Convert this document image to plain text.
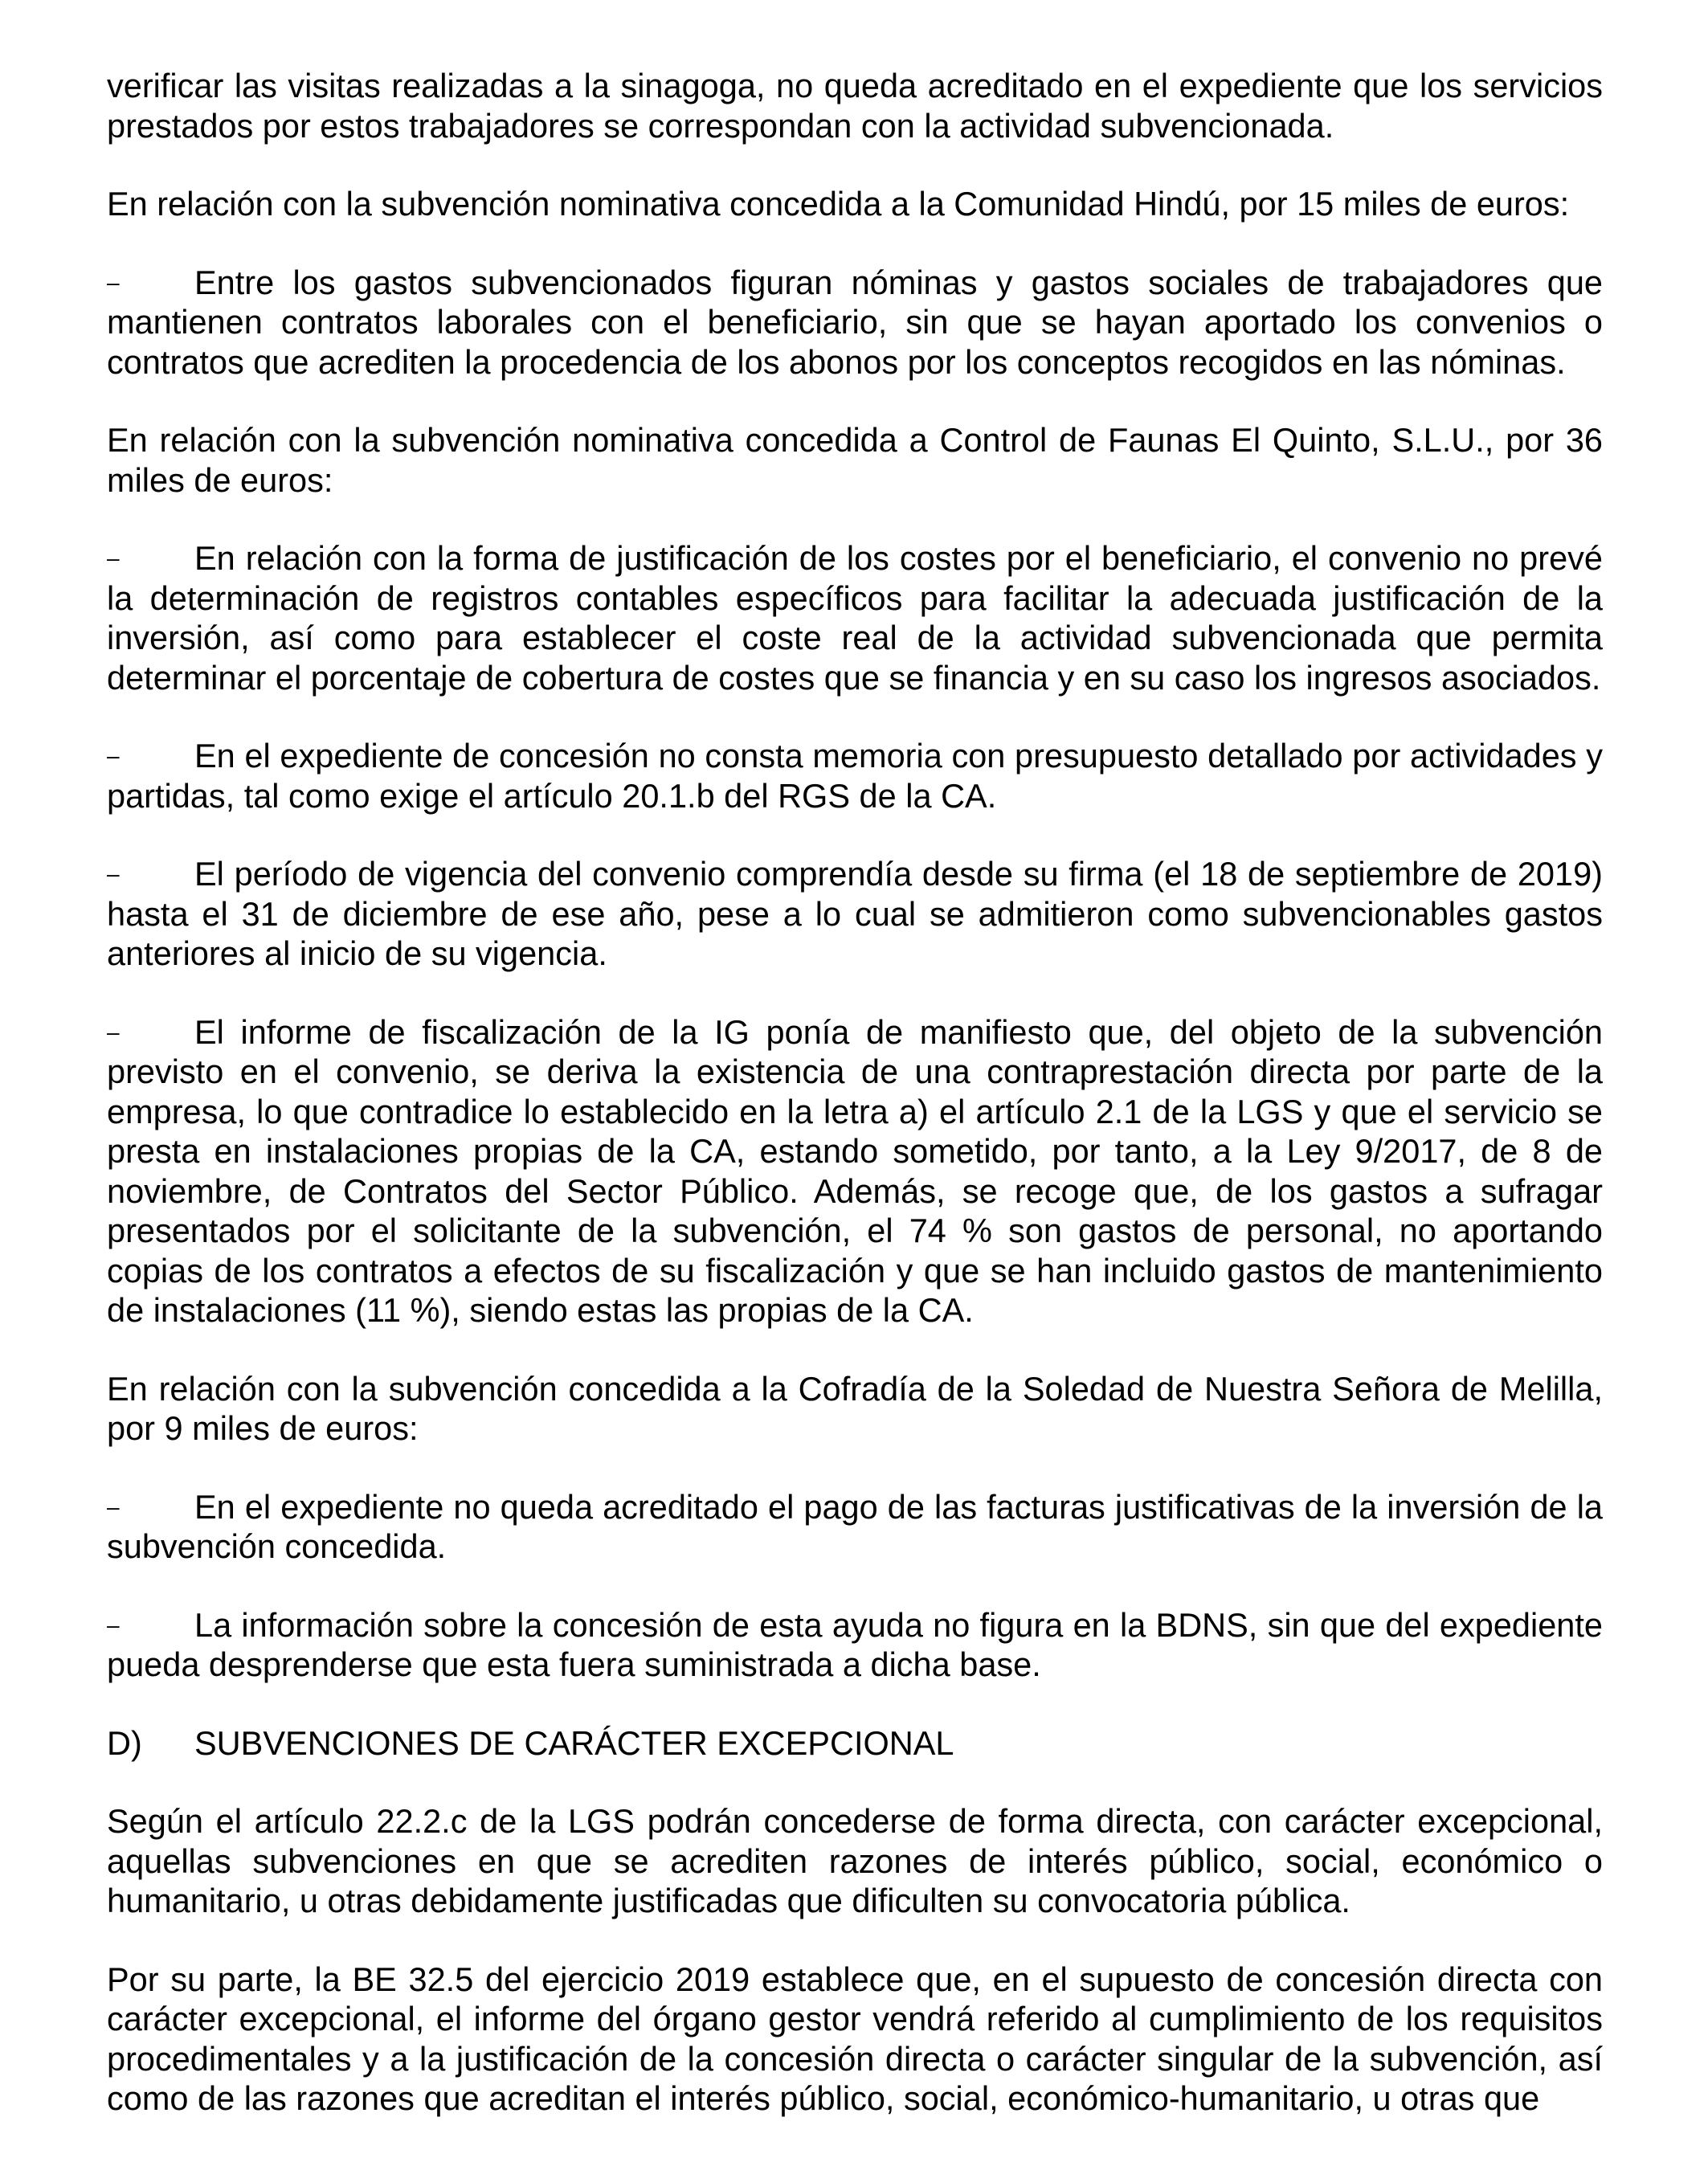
verificar las visitas realizadas a la sinagoga, no queda acreditado en el expediente que los servicios prestados por estos trabajadores se correspondan con la actividad subvencionada.

En relación con la subvención nominativa concedida a la Comunidad Hindú, por 15 miles de euros:

– Entre los gastos subvencionados figuran nóminas y gastos sociales de trabajadores que mantienen contratos laborales con el beneficiario, sin que se hayan aportado los convenios o contratos que acrediten la procedencia de los abonos por los conceptos recogidos en las nóminas.

En relación con la subvención nominativa concedida a Control de Faunas El Quinto, S.L.U., por 36 miles de euros:

– En relación con la forma de justificación de los costes por el beneficiario, el convenio no prevé la determinación de registros contables específicos para facilitar la adecuada justificación de la inversión, así como para establecer el coste real de la actividad subvencionada que permita determinar el porcentaje de cobertura de costes que se financia y en su caso los ingresos asociados.

– En el expediente de concesión no consta memoria con presupuesto detallado por actividades y partidas, tal como exige el artículo 20.1.b del RGS de la CA.

– El período de vigencia del convenio comprendía desde su firma (el 18 de septiembre de 2019) hasta el 31 de diciembre de ese año, pese a lo cual se admitieron como subvencionables gastos anteriores al inicio de su vigencia.

– El informe de fiscalización de la IG ponía de manifiesto que, del objeto de la subvención previsto en el convenio, se deriva la existencia de una contraprestación directa por parte de la empresa, lo que contradice lo establecido en la letra a) el artículo 2.1 de la LGS y que el servicio se presta en instalaciones propias de la CA, estando sometido, por tanto, a la Ley 9/2017, de 8 de noviembre, de Contratos del Sector Público. Además, se recoge que, de los gastos a sufragar presentados por el solicitante de la subvención, el 74 % son gastos de personal, no aportando copias de los contratos a efectos de su fiscalización y que se han incluido gastos de mantenimiento de instalaciones (11 %), siendo estas las propias de la CA.

En relación con la subvención concedida a la Cofradía de la Soledad de Nuestra Señora de Melilla, por 9 miles de euros:

– En el expediente no queda acreditado el pago de las facturas justificativas de la inversión de la subvención concedida.

– La información sobre la concesión de esta ayuda no figura en la BDNS, sin que del expediente pueda desprenderse que esta fuera suministrada a dicha base.

D)	SUBVENCIONES DE CARÁCTER EXCEPCIONAL

Según el artículo 22.2.c de la LGS podrán concederse de forma directa, con carácter excepcional, aquellas subvenciones en que se acrediten razones de interés público, social, económico o humanitario, u otras debidamente justificadas que dificulten su convocatoria pública.

Por su parte, la BE 32.5 del ejercicio 2019 establece que, en el supuesto de concesión directa con carácter excepcional, el informe del órgano gestor vendrá referido al cumplimiento de los requisitos procedimentales y a la justificación de la concesión directa o carácter singular de la subvención, así como de las razones que acreditan el interés público, social, económico-humanitario, u otras que
